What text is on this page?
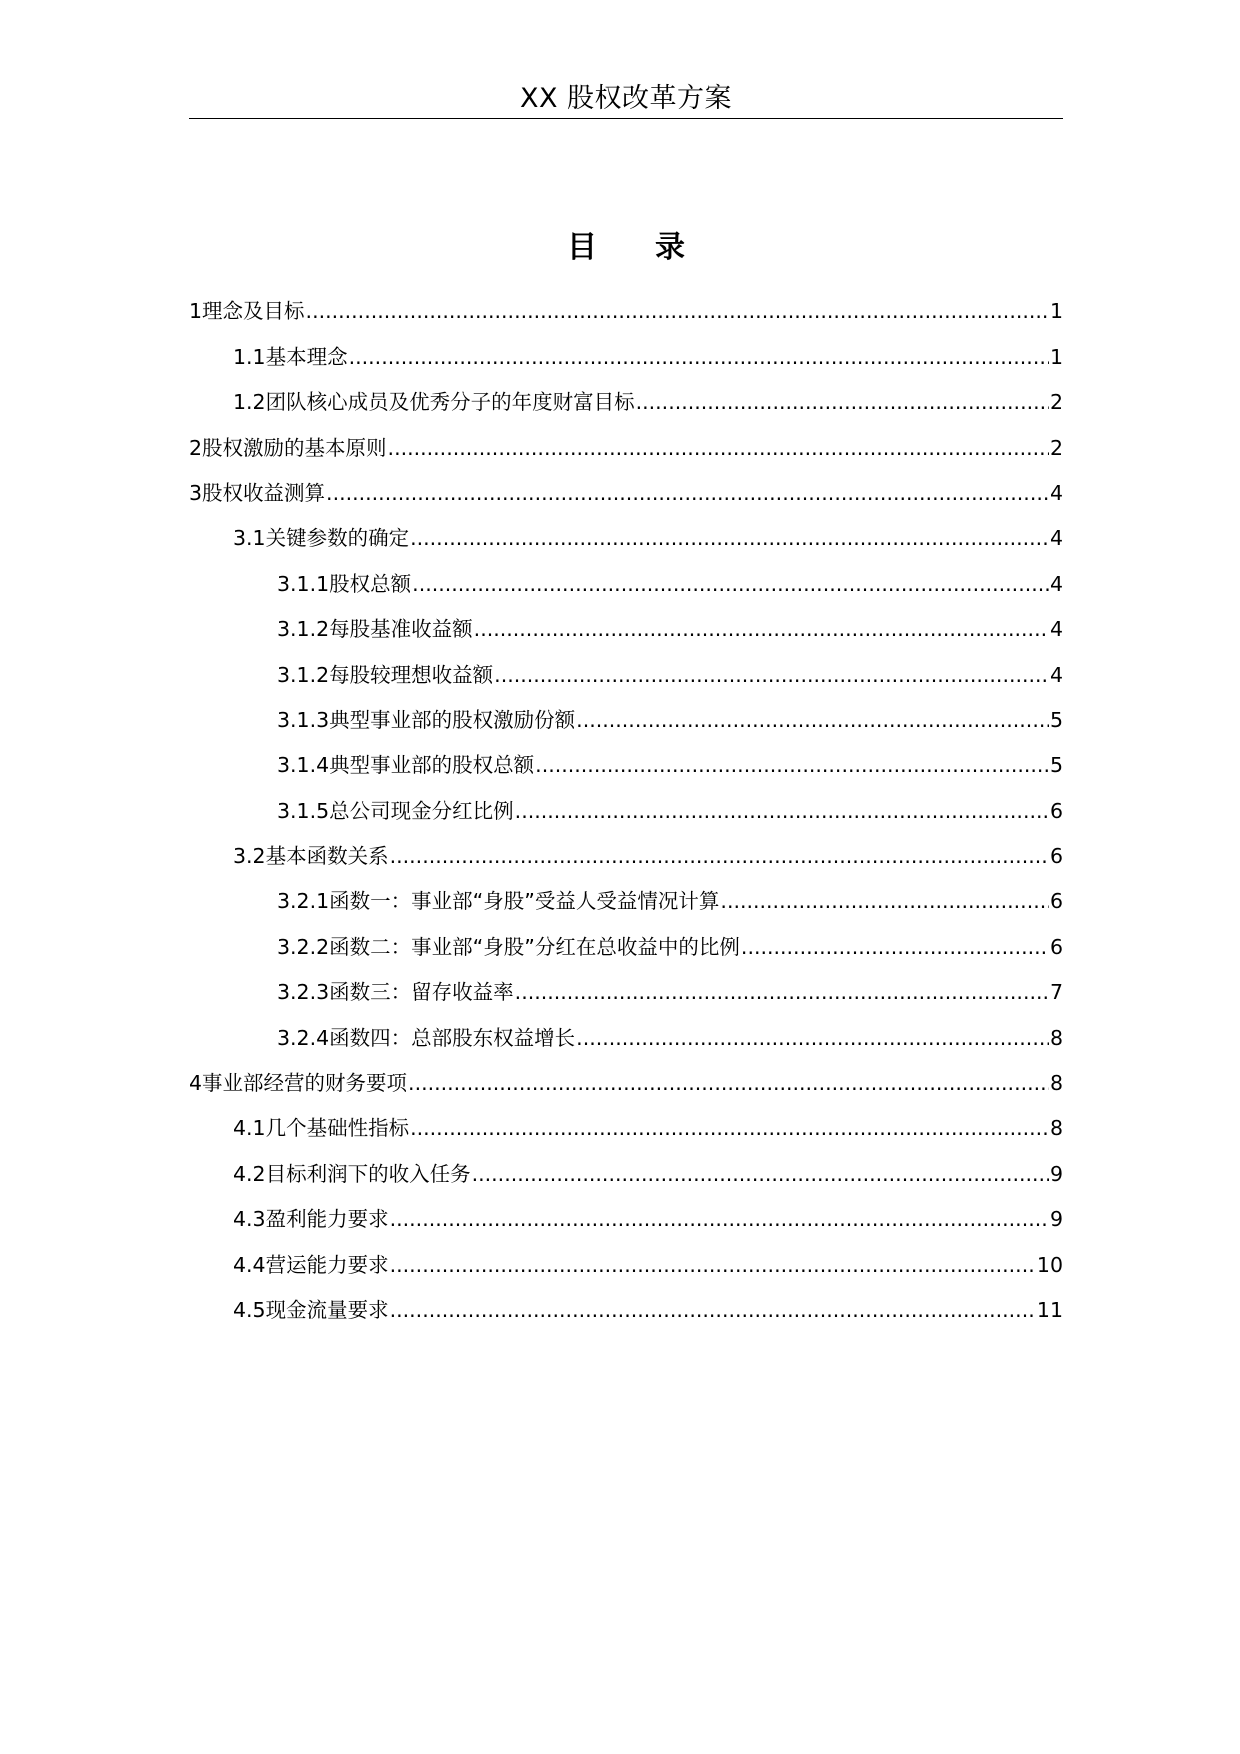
XX 股权改革方案
目 录
1 理念及目标 .....	1
1.1 基本理念 .....	1
1.2 团队核心成员及优秀分子的年度财富目标 .....	2
2 股权激励的基本原则 .....	2
3 股权收益测算 .....	4
3.1 关键参数的确定 .....	4
3.1.1 股权总额 .....	4
3.1.2 每股基准收益额 .....	4
3.1.2 每股较理想收益额 .....	4
3.1.3 典型事业部的股权激励份额 .....	5
3.1.4 典型事业部的股权总额 .....	5
3.1.5 总公司现金分红比例 .....	6
3.2 基本函数关系 .....	6
3.2.1 函数一：事业部“身股”受益人受益情况计算 .....	6
3.2.2 函数二：事业部“身股”分红在总收益中的比例 .....	6
3.2.3 函数三：留存收益率 .....	7
3.2.4 函数四：总部股东权益增长 .....	8
4 事业部经营的财务要项 .....	8
4.1 几个基础性指标 .....	8
4.2 目标利润下的收入任务 .....	9
4.3 盈利能力要求 .....	9
4.4 营运能力要求 .....	10
4.5 现金流量要求 .....	11
